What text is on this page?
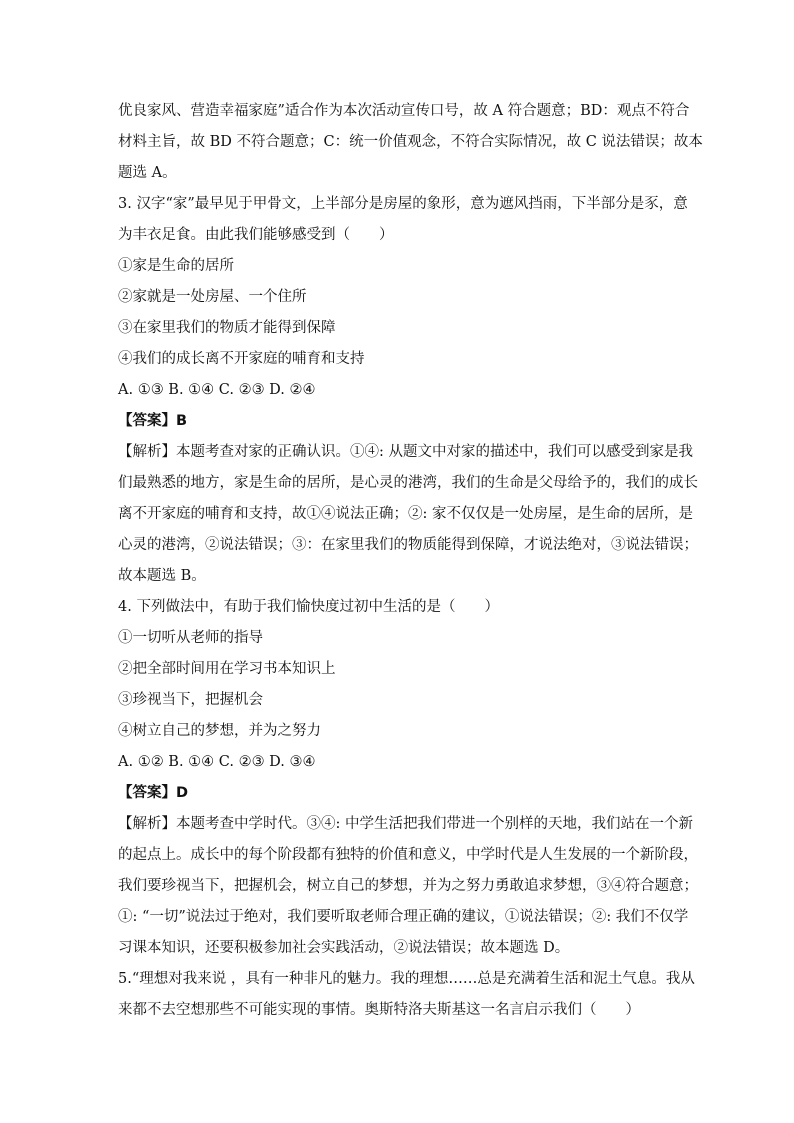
优良家风、营造幸福家庭”适合作为本次活动宣传口号，故 A 符合题意；BD：观点不符合
材料主旨，故 BD 不符合题意；C：统一价值观念，不符合实际情况，故 C 说法错误；故本
题选 A。
3. 汉字“家”最早见于甲骨文，上半部分是房屋的象形，意为遮风挡雨，下半部分是豕，意
为丰衣足食。由此我们能够感受到（　　）
①家是生命的居所
②家就是一处房屋、一个住所
③在家里我们的物质才能得到保障
④我们的成长离不开家庭的哺育和支持
A. ①③ B. ①④ C. ②③ D. ②④
【答案】B
【解析】本题考查对家的正确认识。①④: 从题文中对家的描述中，我们可以感受到家是我
们最熟悉的地方，家是生命的居所，是心灵的港湾，我们的生命是父母给予的，我们的成长
离不开家庭的哺育和支持，故①④说法正确；②: 家不仅仅是一处房屋，是生命的居所，是
心灵的港湾，②说法错误；③：在家里我们的物质能得到保障，才说法绝对，③说法错误；
故本题选 B。
4. 下列做法中，有助于我们愉快度过初中生活的是（　　）
①一切听从老师的指导
②把全部时间用在学习书本知识上
③珍视当下，把握机会
④树立自己的梦想，并为之努力
A. ①② B. ①④ C. ②③ D. ③④
【答案】D
【解析】本题考查中学时代。③④: 中学生活把我们带进一个别样的天地，我们站在一个新
的起点上。成长中的每个阶段都有独特的价值和意义，中学时代是人生发展的一个新阶段，
我们要珍视当下，把握机会，树立自己的梦想，并为之努力勇敢追求梦想，③④符合题意；
①: “一切”说法过于绝对，我们要听取老师合理正确的建议，①说法错误；②: 我们不仅学
习课本知识，还要积极参加社会实践活动，②说法错误；故本题选 D。
5.“理想对我来说 ，具有一种非凡的魅力。我的理想……总是充满着生活和泥土气息。我从
来都不去空想那些不可能实现的事情。奥斯特洛夫斯基这一名言启示我们（　　）
